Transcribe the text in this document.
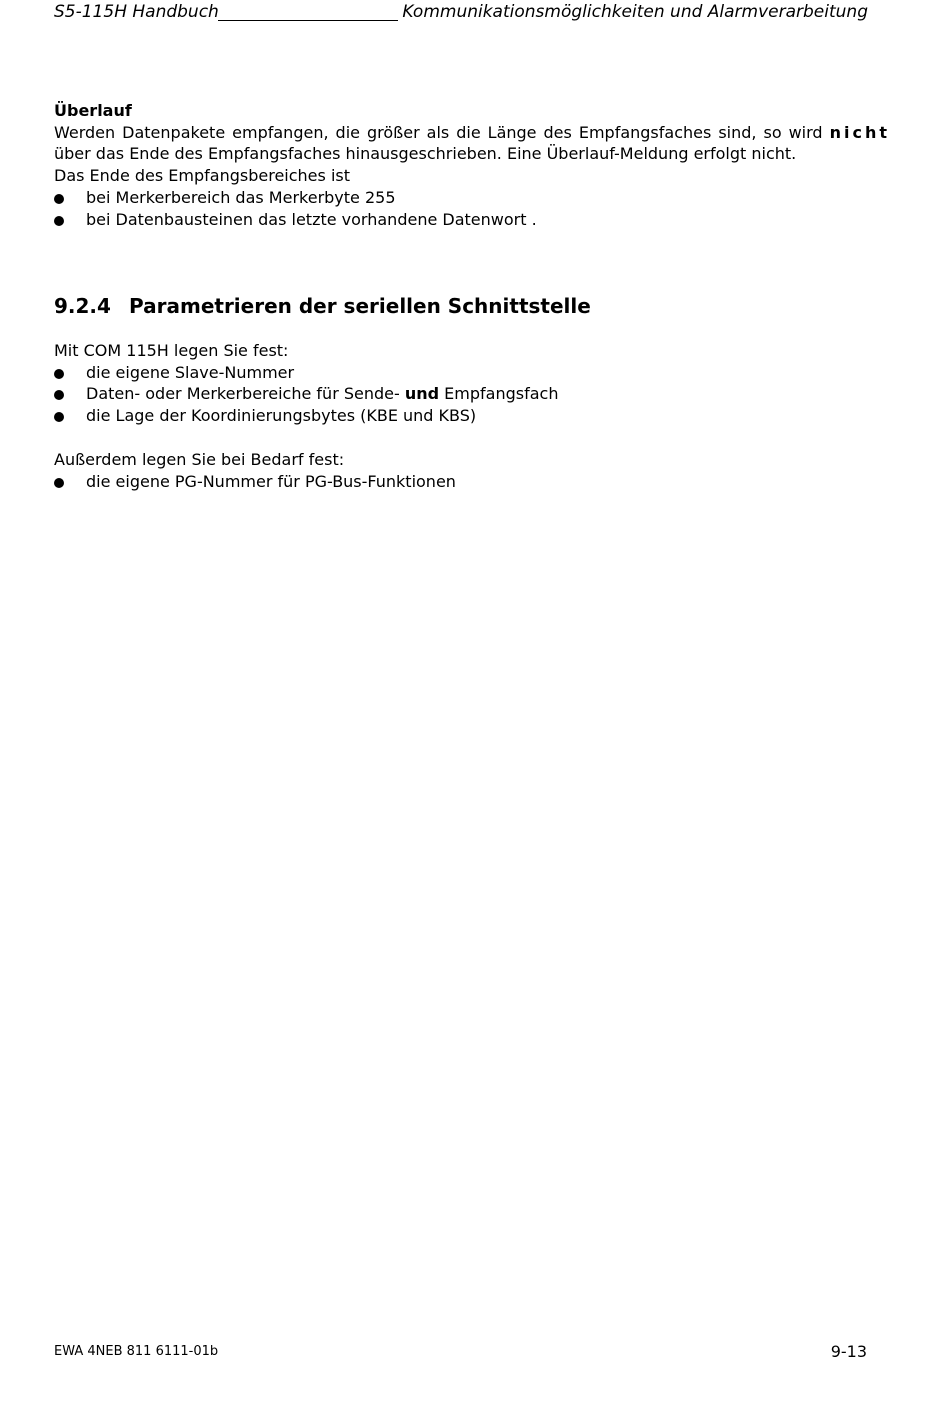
S5-115H Handbuch	Kommunikationsmöglichkeiten und Alarmverarbeitung

Überlauf

Werden Datenpakete empfangen, die größer als die Länge des Empfangsfaches sind, so wird nicht über das Ende des Empfangsfaches hinausgeschrieben. Eine Überlauf-Meldung erfolgt nicht.

Das Ende des Empfangsbereiches ist

bei Merkerbereich das Merkerbyte 255
bei Datenbausteinen das letzte vorhandene Datenwort .
9.2.4 Parametrieren der seriellen Schnittstelle

Mit COM 115H legen Sie fest:

die eigene Slave-Nummer
Daten- oder Merkerbereiche für Sende- und Empfangsfach
die Lage der Koordinierungsbytes (KBE und KBS)

Außerdem legen Sie bei Bedarf fest:

die eigene PG-Nummer für PG-Bus-Funktionen
EWA 4NEB 811 6111-01b	9-13
